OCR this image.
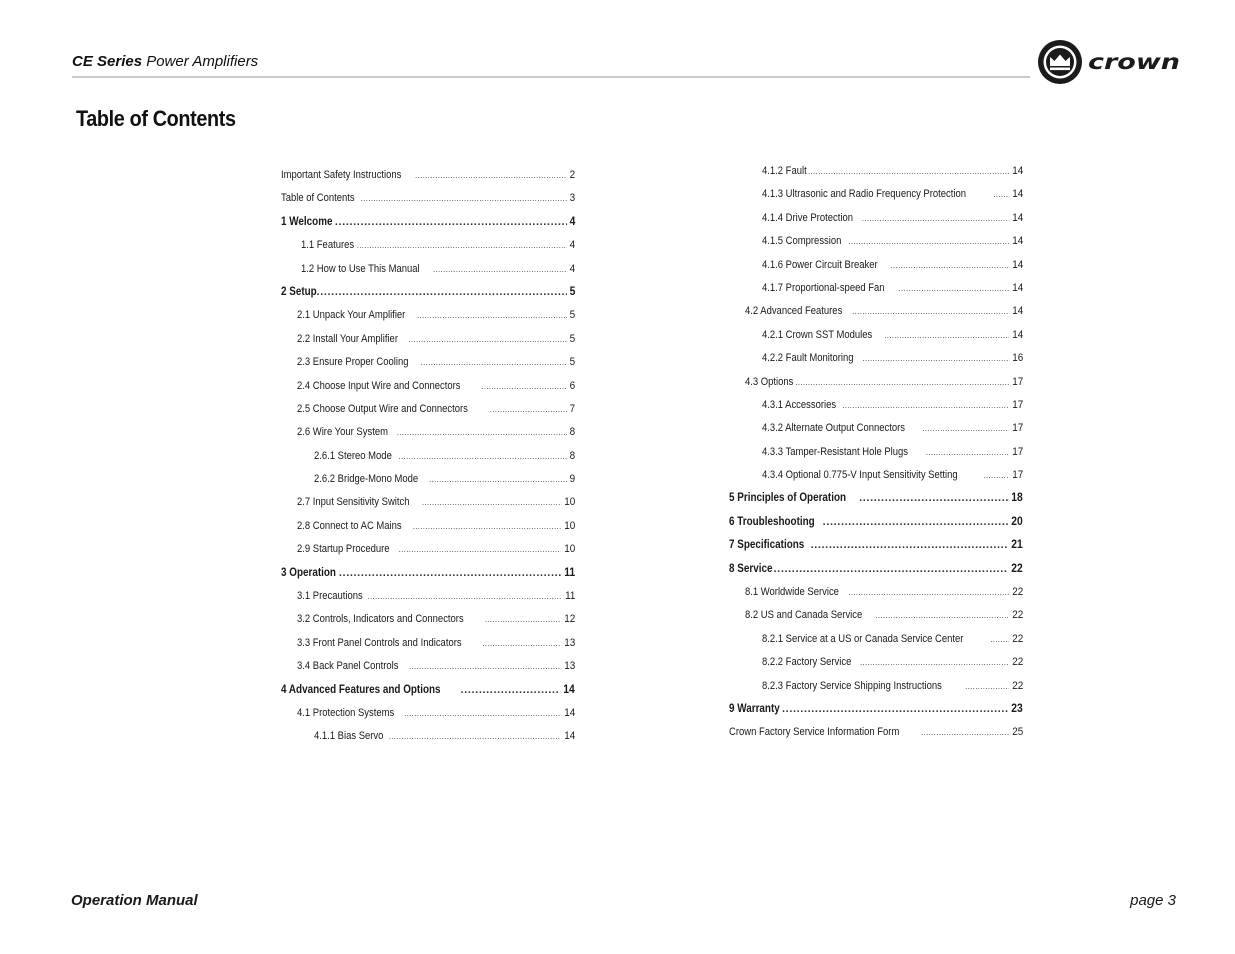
CE Series Power Amplifiers	crown
Table of Contents
Important Safety Instructions .....	2
Table of Contents .....	3
1 Welcome .....	4
1.1 Features .....	4
1.2 How to Use This Manual .....	4
2 Setup .....	5
2.1 Unpack Your Amplifier .....	5
2.2 Install Your Amplifier .....	5
2.3 Ensure Proper Cooling .....	5
2.4 Choose Input Wire and Connectors .....	6
2.5 Choose Output Wire and Connectors .....	7
2.6 Wire Your System .....	8
2.6.1 Stereo Mode .....	8
2.6.2 Bridge-Mono Mode .....	9
2.7 Input Sensitivity Switch .....	10
2.8 Connect to AC Mains .....	10
2.9 Startup Procedure .....	10
3 Operation .....	11
3.1 Precautions .....	11
3.2 Controls, Indicators and Connectors .....	12
3.3 Front Panel Controls and Indicators .....	13
3.4 Back Panel Controls .....	13
4 Advanced Features and Options .....	14
4.1 Protection Systems .....	14
4.1.1 Bias Servo .....	14
4.1.2 Fault .....	14
4.1.3 Ultrasonic and Radio Frequency Protection .....	14
4.1.4 Drive Protection .....	14
4.1.5 Compression .....	14
4.1.6 Power Circuit Breaker .....	14
4.1.7 Proportional-speed Fan .....	14
4.2 Advanced Features .....	14
4.2.1 Crown SST Modules .....	14
4.2.2 Fault Monitoring .....	16
4.3 Options .....	17
4.3.1 Accessories .....	17
4.3.2 Alternate Output Connectors .....	17
4.3.3 Tamper-Resistant Hole Plugs .....	17
4.3.4 Optional 0.775-V Input Sensitivity Setting .....	17
5 Principles of Operation .....	18
6 Troubleshooting .....	20
7 Specifications .....	21
8 Service .....	22
8.1 Worldwide Service .....	22
8.2 US and Canada Service .....	22
8.2.1 Service at a US or Canada Service Center .....	22
8.2.2 Factory Service .....	22
8.2.3 Factory Service Shipping Instructions .....	22
9 Warranty .....	23
Crown Factory Service Information Form .....	25
Operation Manual	page 3
